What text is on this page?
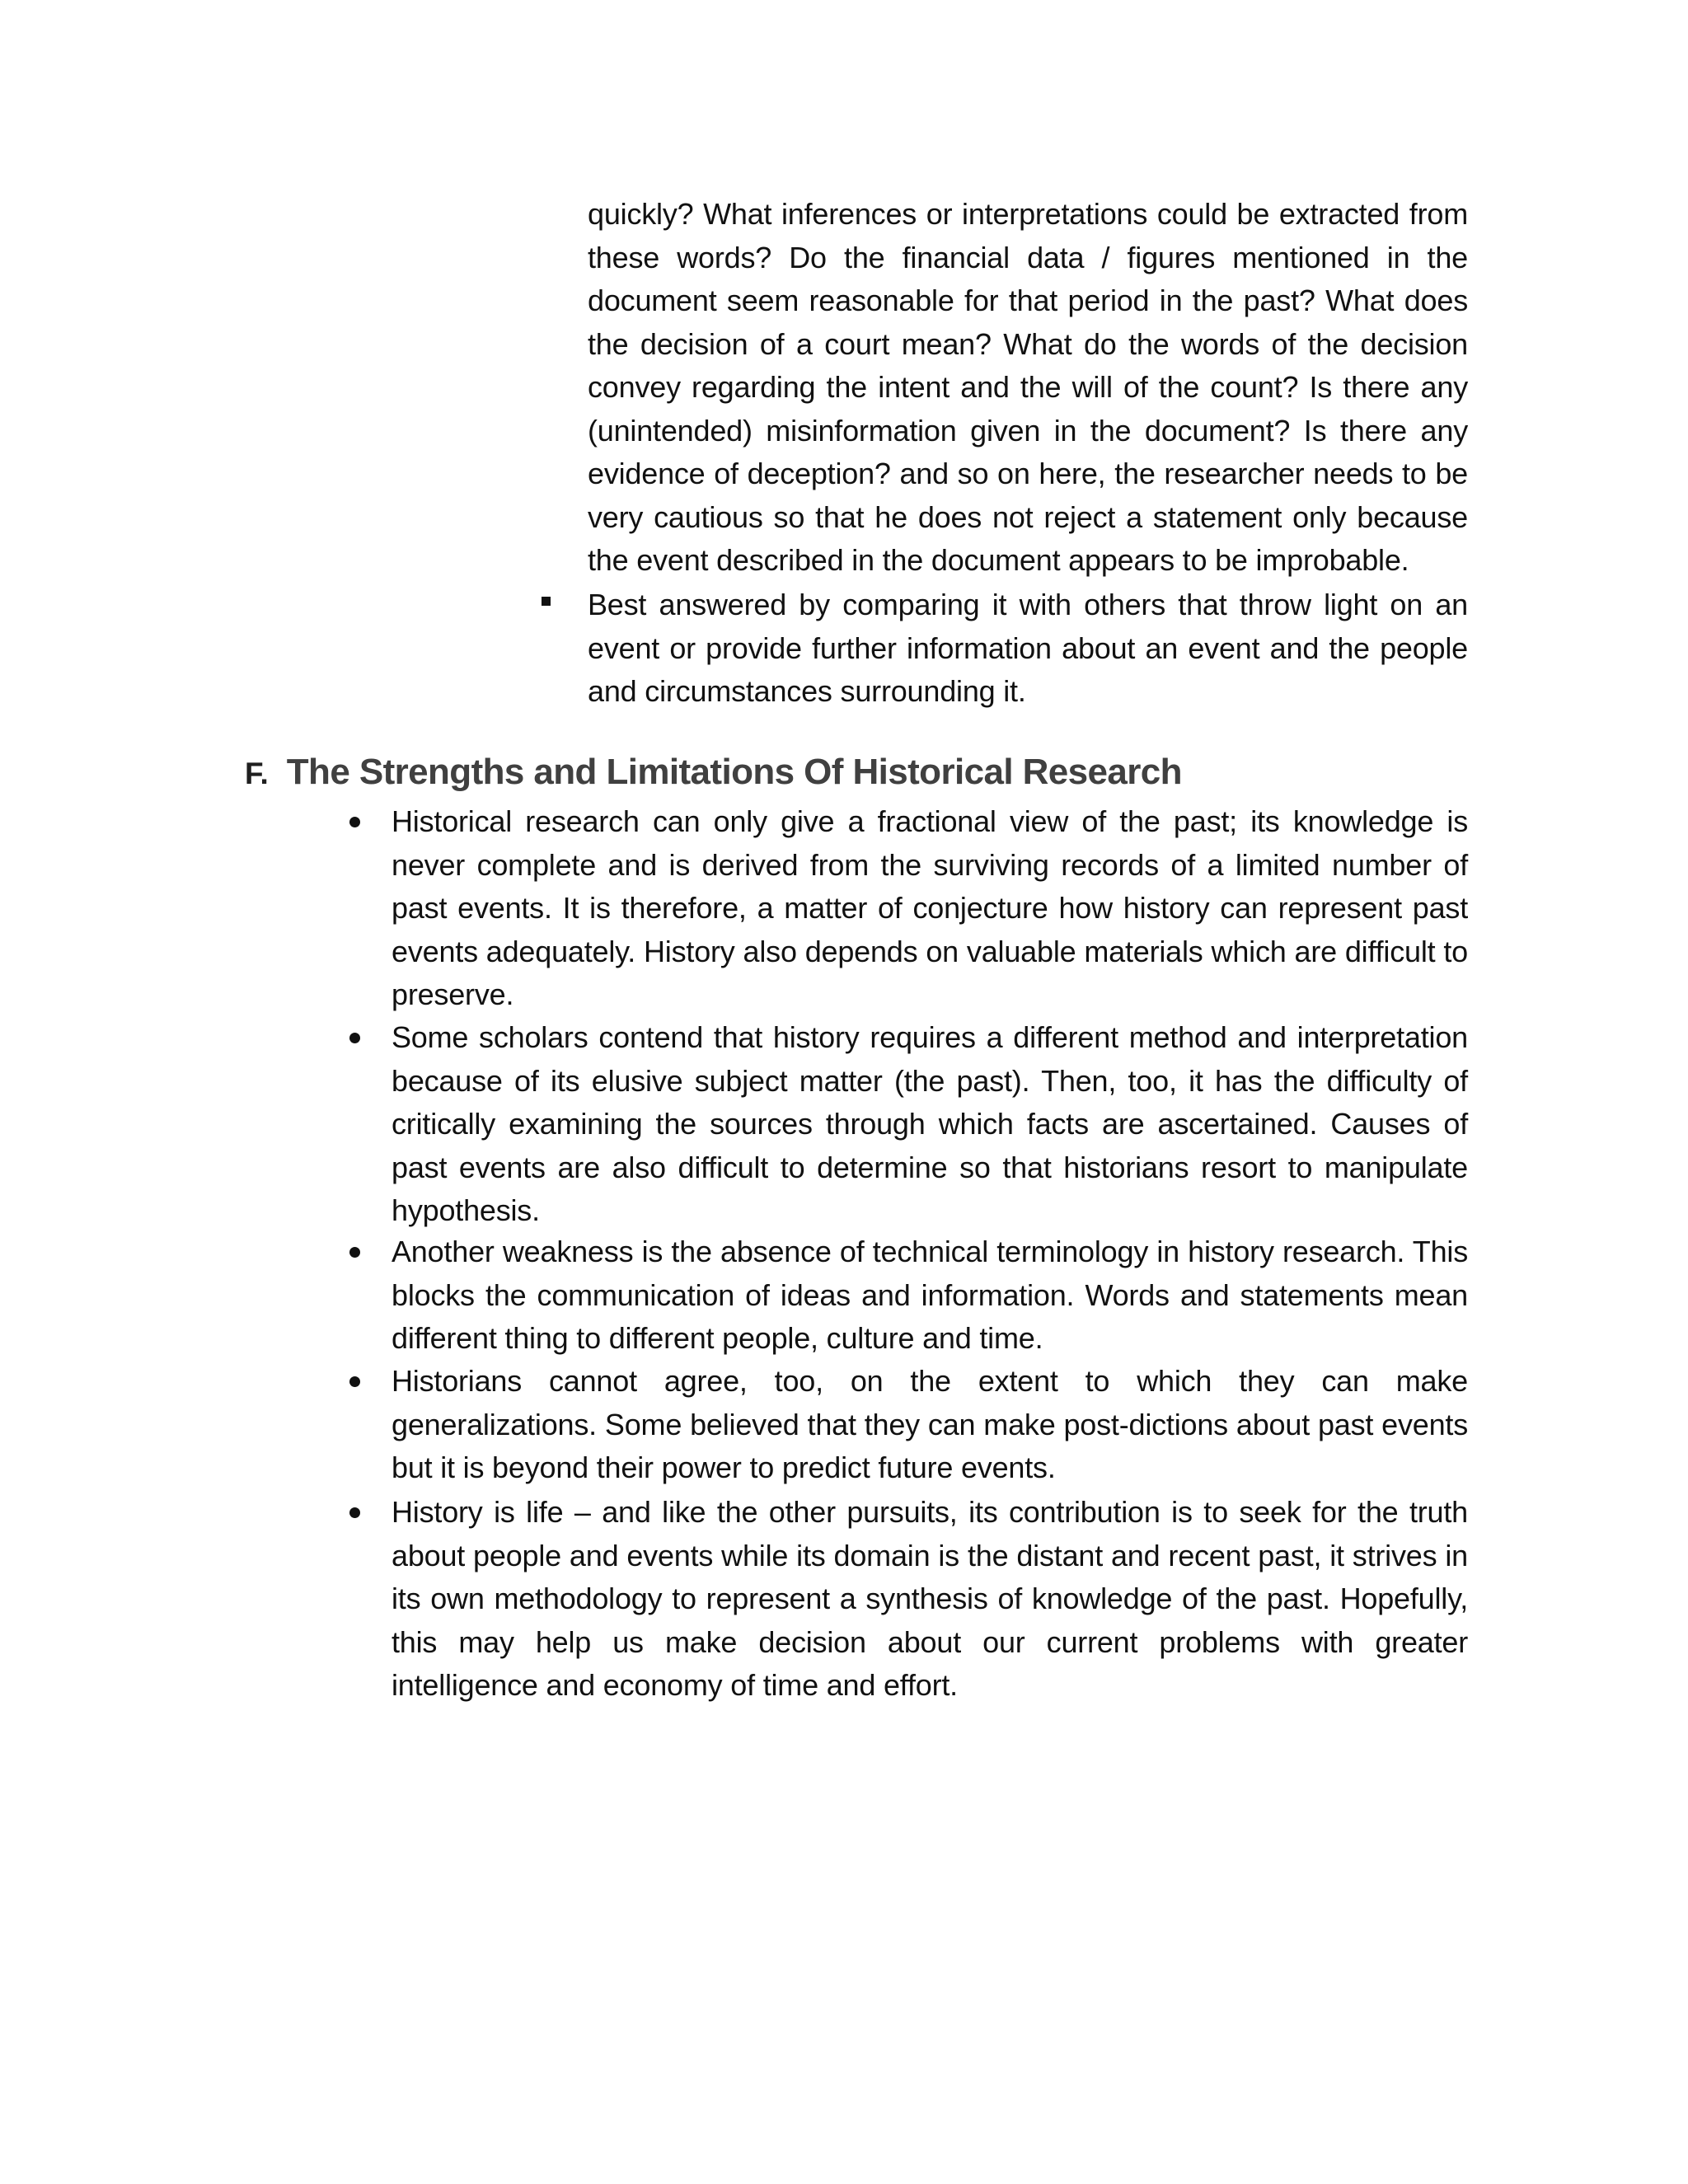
quickly? What inferences or interpretations could be extracted from these words? Do the financial data / figures mentioned in the document seem reasonable for that period in the past? What does the decision of a court mean? What do the words of the decision convey regarding the intent and the will of the count? Is there any (unintended) misinformation given in the document? Is there any evidence of deception? and so on here, the researcher needs to be very cautious so that he does not reject a statement only because the event described in the document appears to be improbable.
Best answered by comparing it with others that throw light on an event or provide further information about an event and the people and circumstances surrounding it.
F. The Strengths and Limitations Of Historical Research
Historical research can only give a fractional view of the past; its knowledge is never complete and is derived from the surviving records of a limited number of past events. It is therefore, a matter of conjecture how history can represent past events adequately. History also depends on valuable materials which are difficult to preserve.
Some scholars contend that history requires a different method and interpretation because of its elusive subject matter (the past). Then, too, it has the difficulty of critically examining the sources through which facts are ascertained. Causes of past events are also difficult to determine so that historians resort to manipulate hypothesis.
Another weakness is the absence of technical terminology in history research. This blocks the communication of ideas and information. Words and statements mean different thing to different people, culture and time.
Historians cannot agree, too, on the extent to which they can make generalizations. Some believed that they can make post-dictions about past events but it is beyond their power to predict future events.
History is life – and like the other pursuits, its contribution is to seek for the truth about people and events while its domain is the distant and recent past, it strives in its own methodology to represent a synthesis of knowledge of the past. Hopefully, this may help us make decision about our current problems with greater intelligence and economy of time and effort.
